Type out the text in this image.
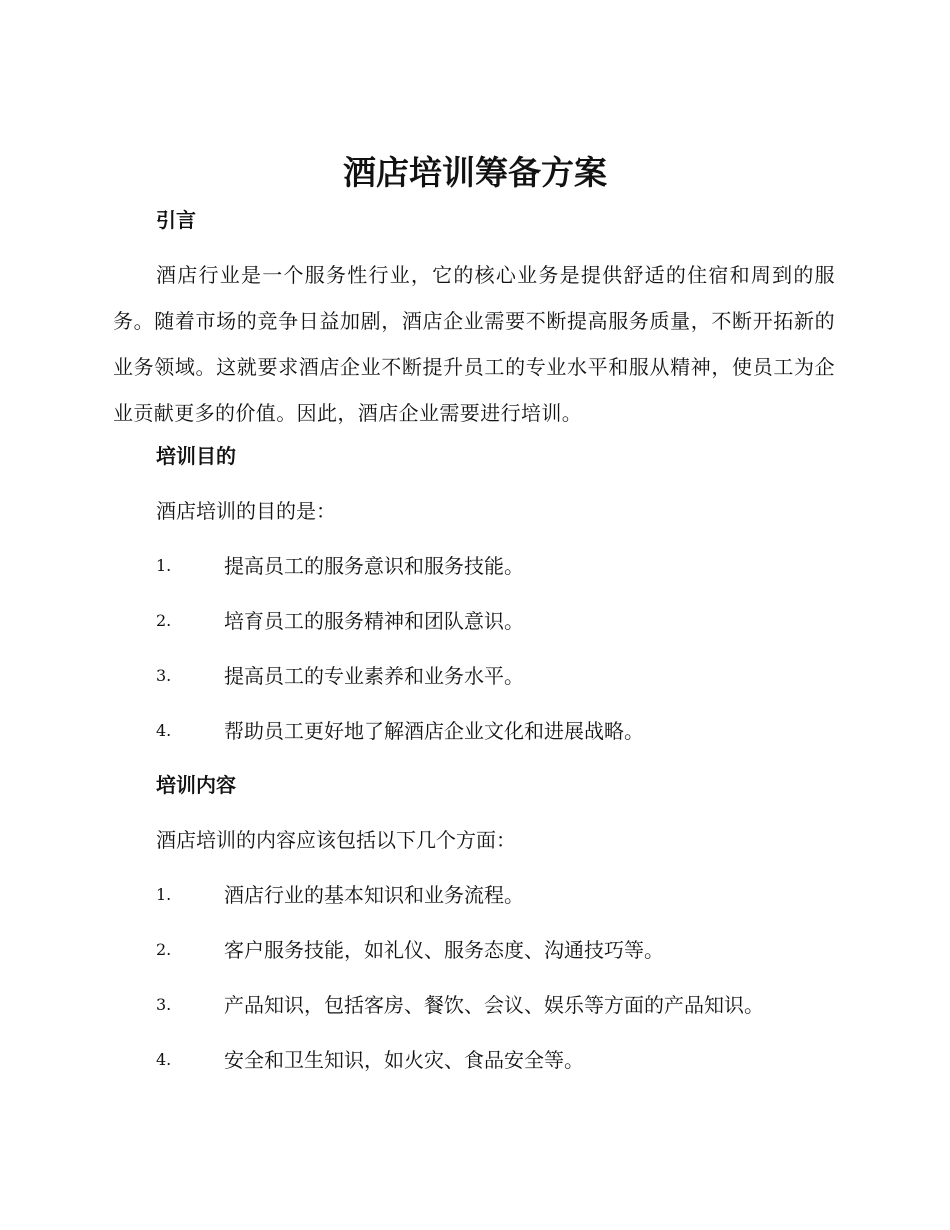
酒店培训筹备方案
引言
酒店行业是一个服务性行业，它的核心业务是提供舒适的住宿和周到的服务。随着市场的竞争日益加剧，酒店企业需要不断提高服务质量，不断开拓新的业务领域。这就要求酒店企业不断提升员工的专业水平和服从精神，使员工为企业贡献更多的价值。因此，酒店企业需要进行培训。
培训目的
酒店培训的目的是：
1.	提高员工的服务意识和服务技能。
2.	培育员工的服务精神和团队意识。
3.	提高员工的专业素养和业务水平。
4.	帮助员工更好地了解酒店企业文化和进展战略。
培训内容
酒店培训的内容应该包括以下几个方面：
1.	酒店行业的基本知识和业务流程。
2.	客户服务技能，如礼仪、服务态度、沟通技巧等。
3.	产品知识，包括客房、餐饮、会议、娱乐等方面的产品知识。
4.	安全和卫生知识，如火灾、食品安全等。
